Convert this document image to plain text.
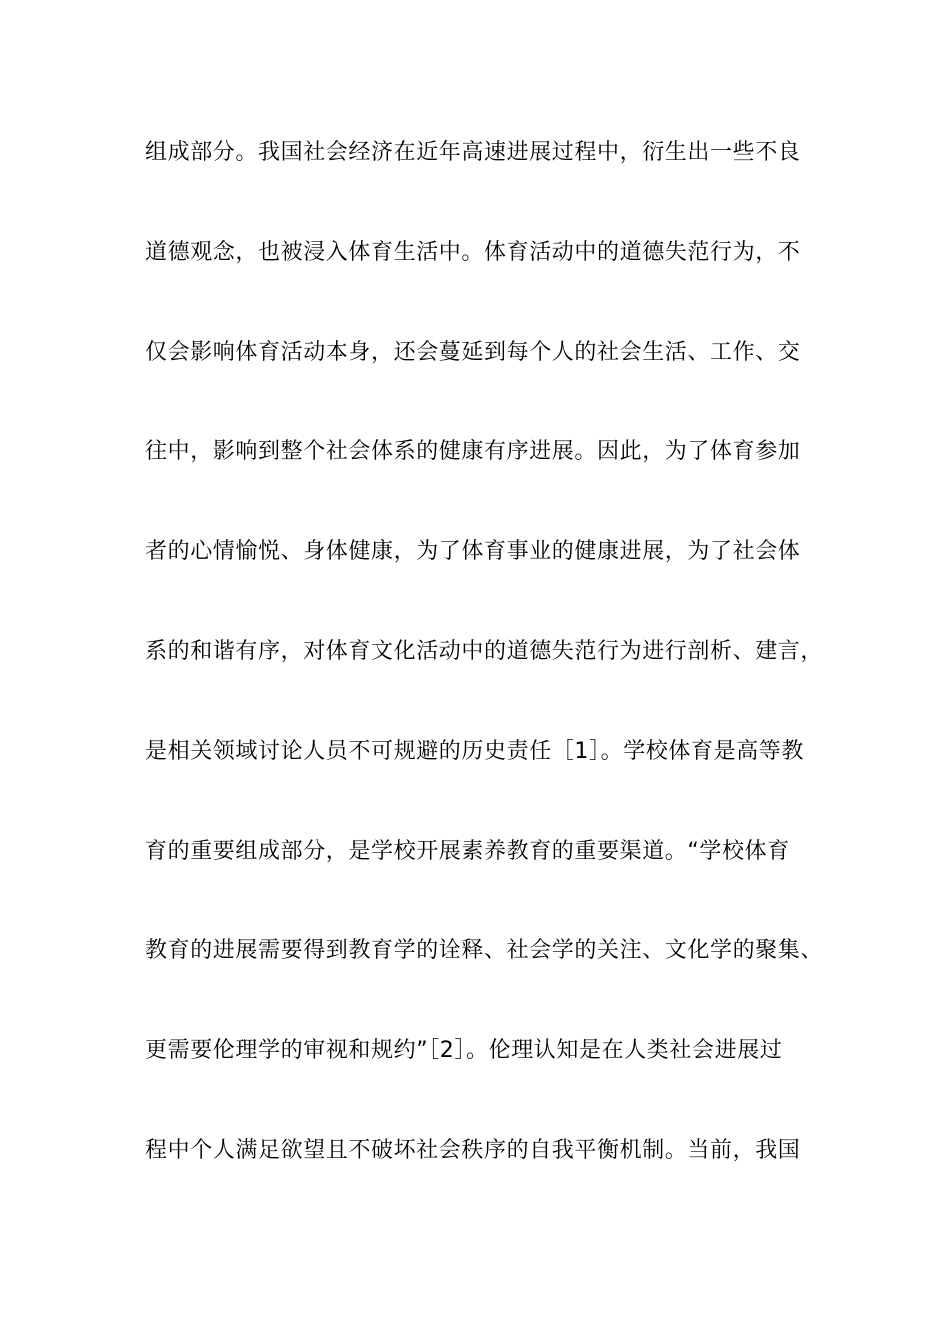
组成部分。我国社会经济在近年高速进展过程中，衍生出一些不良

道德观念，也被浸入体育生活中。体育活动中的道德失范行为，不

仅会影响体育活动本身，还会蔓延到每个人的社会生活、工作、交

往中，影响到整个社会体系的健康有序进展。因此，为了体育参加

者的心情愉悦、身体健康，为了体育事业的健康进展，为了社会体

系的和谐有序，对体育文化活动中的道德失范行为进行剖析、建言，

是相关领域讨论人员不可规避的历史责任［1］。学校体育是高等教

育的重要组成部分，是学校开展素养教育的重要渠道。“学校体育

教育的进展需要得到教育学的诠释、社会学的关注、文化学的聚集、

更需要伦理学的审视和规约”［2］。伦理认知是在人类社会进展过

程中个人满足欲望且不破坏社会秩序的自我平衡机制。当前，我国
